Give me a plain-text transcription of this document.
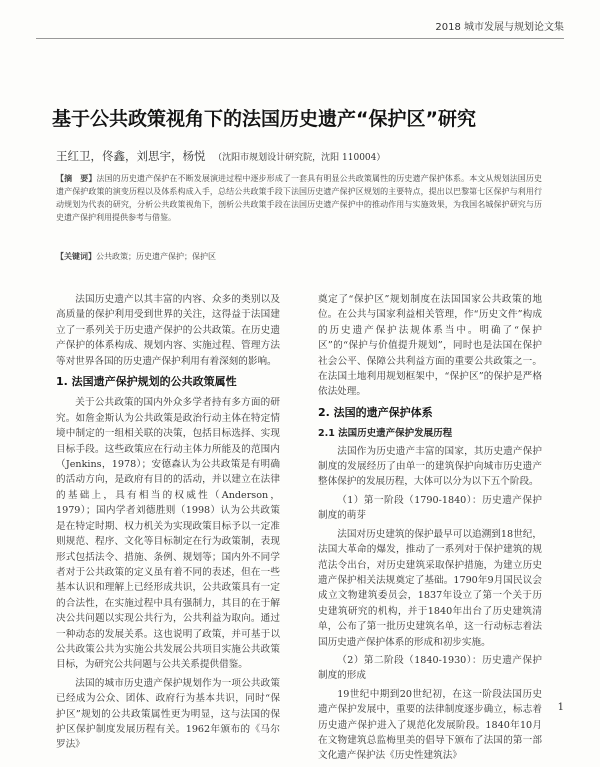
2018 城市发展与规划论文集
基于公共政策视角下的法国历史遗产“保护区”研究
王红卫，佟鑫，刘思宇，杨悦 （沈阳市规划设计研究院，沈阳 110004）
【摘　要】法国的历史遗产保护在不断发展演进过程中逐步形成了一套具有明显公共政策属性的历史遗产保护体系。本文从规划法国历史遗产保护政策的演变历程以及体系构成入手，总结公共政策手段下法国历史遗产保护区规划的主要特点，提出以巴黎第七区保护与利用行动规划为代表的研究，分析公共政策视角下，剖析公共政策手段在法国历史遗产保护中的推动作用与实施效果，为我国名城保护研究与历史遗产保护利用提供参考与借鉴。
【关键词】公共政策；历史遗产保护；保护区

法国历史遗产以其丰富的内容、众多的类别以及高质量的保护利用受到世界的关注，这得益于法国建立了一系列关于历史遗产保护的公共政策。在历史遗产保护的体系构成、规划内容、实施过程、管理方法等对世界各国的历史遗产保护利用有着深刻的影响。

1. 法国遗产保护规划的公共政策属性

关于公共政策的国内外众多学者持有多方面的研究。如詹金斯认为公共政策是政治行动主体在特定情境中制定的一组相关联的决策，包括目标选择、实现目标手段。这些政策应在行动主体力所能及的范围内（Jenkins，1978）；安德森认为公共政策是有明确的活动方向，是政府有目的的活动，并以建立在法律的基础上，具有相当的权威性（Anderson，1979）；国内学者刘德胜则（1998）认为公共政策是在特定时期、权力机关为实现政策目标予以一定准则规范、程序、文化等目标制定在行为政策制，表现形式包括法令、措施、条例、规划等；国内外不同学者对于公共政策的定义虽有着不同的表述，但在一些基本认识和理解上已经形成共识，公共政策具有一定的合法性，在实施过程中具有强制力，其目的在于解决公共问题以实现公共行为，公共利益为取向。通过一种动态的发展关系。这也说明了政策，并可基于以公共政策公共为实施公共发展公共项目实施公共政策目标，为研究公共问题与公共关系提供借鉴。

法国的城市历史遗产保护规划作为一项公共政策已经成为公众、团体、政府行为基本共识，同时“保护区”规划的公共政策属性更为明显，这与法国的保护区保护制度发展历程有关。1962年颁布的《马尔罗法》

奠定了“保护区”规划制度在法国国家公共政策的地位。在公共与国家利益相关管理，作“历史文件”构成的历史遗产保护法规体系当中。明确了“保护区”的“保护与价值提升规划”，同时也是法国在保护社会公平、保障公共利益方面的重要公共政策之一。在法国土地利用规划框架中，“保护区”的保护是严格依法处理。

2. 法国的遗产保护体系
2.1 法国历史遗产保护发展历程

法国作为历史遗产丰富的国家，其历史遗产保护制度的发展经历了由单一的建筑保护向城市历史遗产整体保护的发展历程，大体可以分为以下五个阶段。

（1）第一阶段（1790-1840）：历史遗产保护制度的萌芽

法国对历史建筑的保护最早可以追溯到18世纪，法国大革命的爆发，推动了一系列对于保护建筑的规范法令出台，对历史建筑采取保护措施，为建立历史遗产保护相关法规奠定了基础。1790年9月国民议会成立文物建筑委员会，1837年设立了第一个关于历史建筑研究的机构，并于1840年出台了历史建筑清单，公布了第一批历史建筑名单，这一行动标志着法国历史遗产保护体系的形成和初步实施。

（2）第二阶段（1840-1930）：历史遗产保护制度的形成

19世纪中期到20世纪初，在这一阶段法国历史遗产保护发展中，重要的法律制度逐步确立，标志着历史遗产保护进入了规范化发展阶段。1840年10月在文物建筑总监梅里美的倡导下颁布了法国的第一部文化遗产保护法《历史性建筑法》

1
